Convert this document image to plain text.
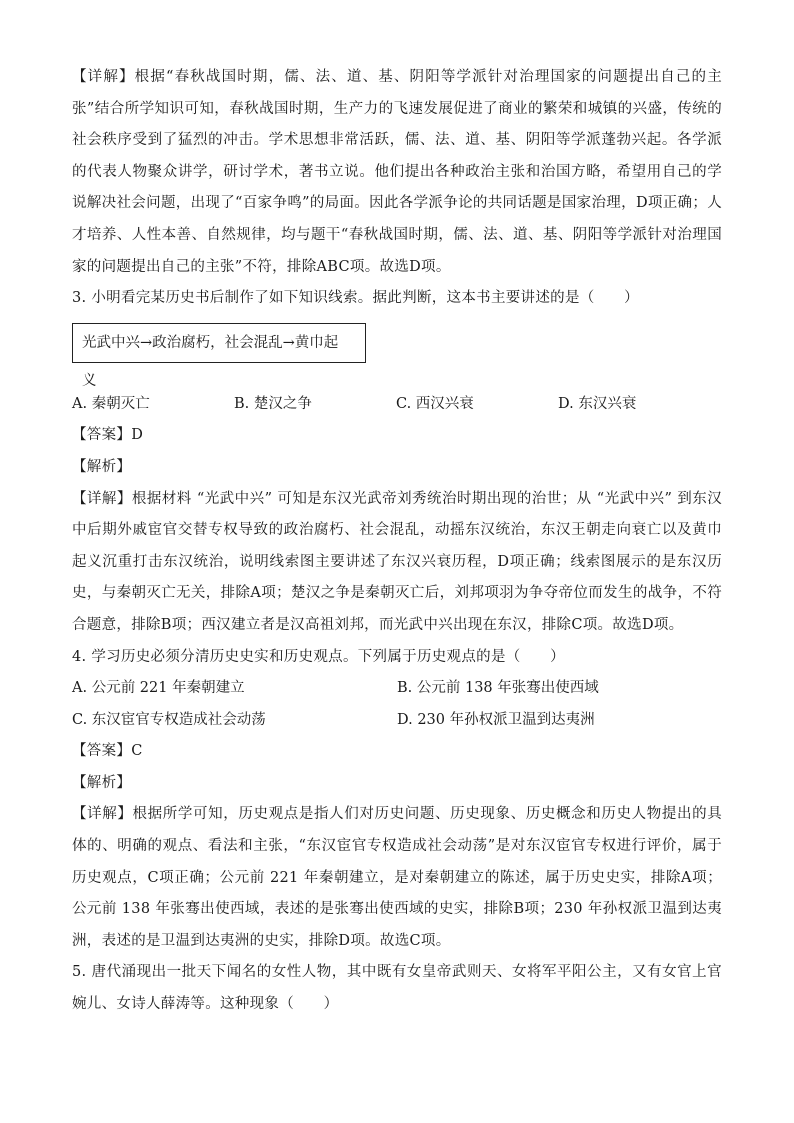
【详解】根据“春秋战国时期，儒、法、道、基、阴阳等学派针对治理国家的问题提出自己的主张”结合所学知识可知，春秋战国时期，生产力的飞速发展促进了商业的繁荣和城镇的兴盛，传统的社会秩序受到了猛烈的冲击。学术思想非常活跃，儒、法、道、基、阴阳等学派蓬勃兴起。各学派的代表人物聚众讲学，研讨学术，著书立说。他们提出各种政治主张和治国方略，希望用自己的学说解决社会问题，出现了“百家争鸣”的局面。因此各学派争论的共同话题是国家治理，D项正确；人才培养、人性本善、自然规律，均与题干“春秋战国时期，儒、法、道、基、阴阳等学派针对治理国家的问题提出自己的主张”不符，排除ABC项。故选D项。

3. 小明看完某历史书后制作了如下知识线索。据此判断，这本书主要讲述的是（　　）

光武中兴→政治腐朽，社会混乱→黄巾起义
A. 秦朝灭亡	B. 楚汉之争	C. 西汉兴衰	D. 东汉兴衰

【答案】D

【解析】

【详解】根据材料 “光武中兴” 可知是东汉光武帝刘秀统治时期出现的治世；从 “光武中兴” 到东汉中后期外戚宦官交替专权导致的政治腐朽、社会混乱，动摇东汉统治，东汉王朝走向衰亡以及黄巾起义沉重打击东汉统治，说明线索图主要讲述了东汉兴衰历程，D项正确；线索图展示的是东汉历史，与秦朝灭亡无关，排除A项；楚汉之争是秦朝灭亡后，刘邦项羽为争夺帝位而发生的战争，不符合题意，排除B项；西汉建立者是汉高祖刘邦，而光武中兴出现在东汉，排除C项。故选D项。

4. 学习历史必须分清历史史实和历史观点。下列属于历史观点的是（　　）

A. 公元前 221 年秦朝建立	B. 公元前 138 年张骞出使西域
C. 东汉宦官专权造成社会动荡	D. 230 年孙权派卫温到达夷洲

【答案】C

【解析】

【详解】根据所学可知，历史观点是指人们对历史问题、历史现象、历史概念和历史人物提出的具体的、明确的观点、看法和主张，“东汉宦官专权造成社会动荡”是对东汉宦官专权进行评价，属于历史观点，C项正确；公元前 221 年秦朝建立，是对秦朝建立的陈述，属于历史史实，排除A项；公元前 138 年张骞出使西域，表述的是张骞出使西域的史实，排除B项；230 年孙权派卫温到达夷洲，表述的是卫温到达夷洲的史实，排除D项。故选C项。

5. 唐代涌现出一批天下闻名的女性人物，其中既有女皇帝武则天、女将军平阳公主，又有女官上官婉儿、女诗人薛涛等。这种现象（　　）
